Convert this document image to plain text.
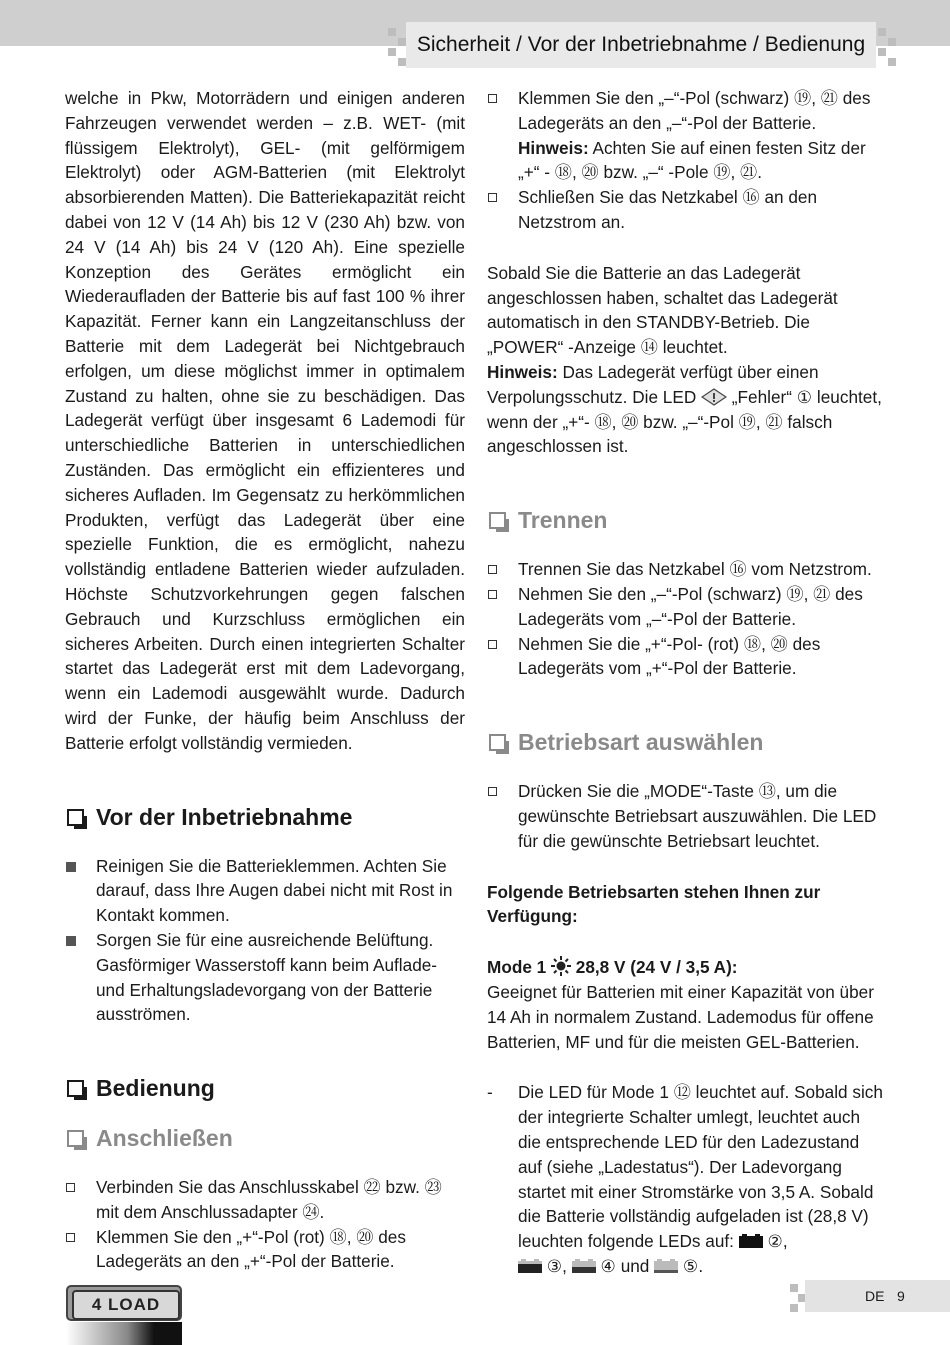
Sicherheit / Vor der Inbetriebnahme / Bedienung

welche in Pkw, Motorrädern und einigen anderen Fahrzeugen verwendet werden – z.B. WET- (mit flüssigem Elektrolyt), GEL- (mit gelförmigem Elektrolyt) oder AGM-Batterien (mit Elektrolyt absorbierenden Matten). Die Batteriekapazität reicht dabei von 12 V (14 Ah) bis 12 V (230 Ah) bzw. von 24 V (14 Ah) bis 24 V (120 Ah). Eine spezielle Konzeption des Gerätes ermöglicht ein Wiederaufladen der Batterie bis auf fast 100 % ihrer Kapazität. Ferner kann ein Langzeitanschluss der Batterie mit dem Ladegerät bei Nichtgebrauch erfolgen, um diese möglichst immer in optimalem Zustand zu halten, ohne sie zu beschädigen. Das Ladegerät verfügt über insgesamt 6 Lademodi für unterschiedliche Batterien in unterschiedlichen Zuständen. Das ermöglicht ein effizienteres und sicheres Aufladen. Im Gegensatz zu herkömmlichen Produkten, verfügt das Ladegerät über eine spezielle Funktion, die es ermöglicht, nahezu vollständig entladene Batterien wieder aufzuladen. Höchste Schutzvorkehrungen gegen falschen Gebrauch und Kurzschluss ermöglichen ein sicheres Arbeiten. Durch einen integrierten Schalter startet das Ladegerät erst mit dem Ladevorgang, wenn ein Lademodi ausgewählt wurde. Dadurch wird der Funke, der häufig beim Anschluss der Batterie erfolgt vollständig vermieden.

Vor der Inbetriebnahme
Reinigen Sie die Batterieklemmen. Achten Sie darauf, dass Ihre Augen dabei nicht mit Rost in Kontakt kommen.
Sorgen Sie für eine ausreichende Belüftung. Gasförmiger Wasserstoff kann beim Auflade- und Erhaltungsladevorgang von der Batterie ausströmen.
Bedienung
Anschließen
Verbinden Sie das Anschlusskabel ㉒ bzw. ㉓ mit dem Anschlussadapter ㉔.
Klemmen Sie den „+“-Pol (rot) ⑱, ⑳ des Ladegeräts an den „+“-Pol der Batterie.
Klemmen Sie den „–“-Pol (schwarz) ⑲, ㉑ des Ladegeräts an den „–“-Pol der Batterie.
Hinweis: Achten Sie auf einen festen Sitz der „+“ - ⑱, ⑳ bzw. „–“ -Pole ⑲, ㉑.
Schließen Sie das Netzkabel ⑯ an den Netzstrom an.

Sobald Sie die Batterie an das Ladegerät angeschlossen haben, schaltet das Ladegerät automatisch in den STANDBY-Betrieb. Die „POWER“ -Anzeige ⑭ leuchtet.

Hinweis: Das Ladegerät verfügt über einen Verpolungsschutz. Die LED  „Fehler“ ① leuchtet, wenn der „+“- ⑱, ⑳ bzw. „–“-Pol ⑲, ㉑ falsch angeschlossen ist.

Trennen
Trennen Sie das Netzkabel ⑯ vom Netzstrom.
Nehmen Sie den „–“-Pol (schwarz) ⑲, ㉑ des Ladegeräts vom „–“-Pol der Batterie.
Nehmen Sie die „+“-Pol- (rot) ⑱, ⑳ des Ladegeräts vom „+“-Pol der Batterie.
Betriebsart auswählen
Drücken Sie die „MODE“-Taste ⑬, um die gewünschte Betriebsart auszuwählen. Die LED für die gewünschte Betriebsart leuchtet.

Folgende Betriebsarten stehen Ihnen zur Verfügung:

Mode 1  28,8 V (24 V / 3,5 A):

Geeignet für Batterien mit einer Kapazität von über 14 Ah in normalem Zustand. Lademodus für offene Batterien, MF und für die meisten GEL-Batterien.

- Die LED für Mode 1 ⑫ leuchtet auf. Sobald sich der integrierte Schalter umlegt, leuchtet auch die entsprechende LED für den Ladezustand auf (siehe „Ladestatus“). Der Ladevorgang startet mit einer Stromstärke von 3,5 A. Sobald die Batterie vollständig aufgeladen ist (28,8 V) leuchten folgende LEDs auf:  ②,
③,  ④ und  ⑤.
DE 9
4 LOAD
